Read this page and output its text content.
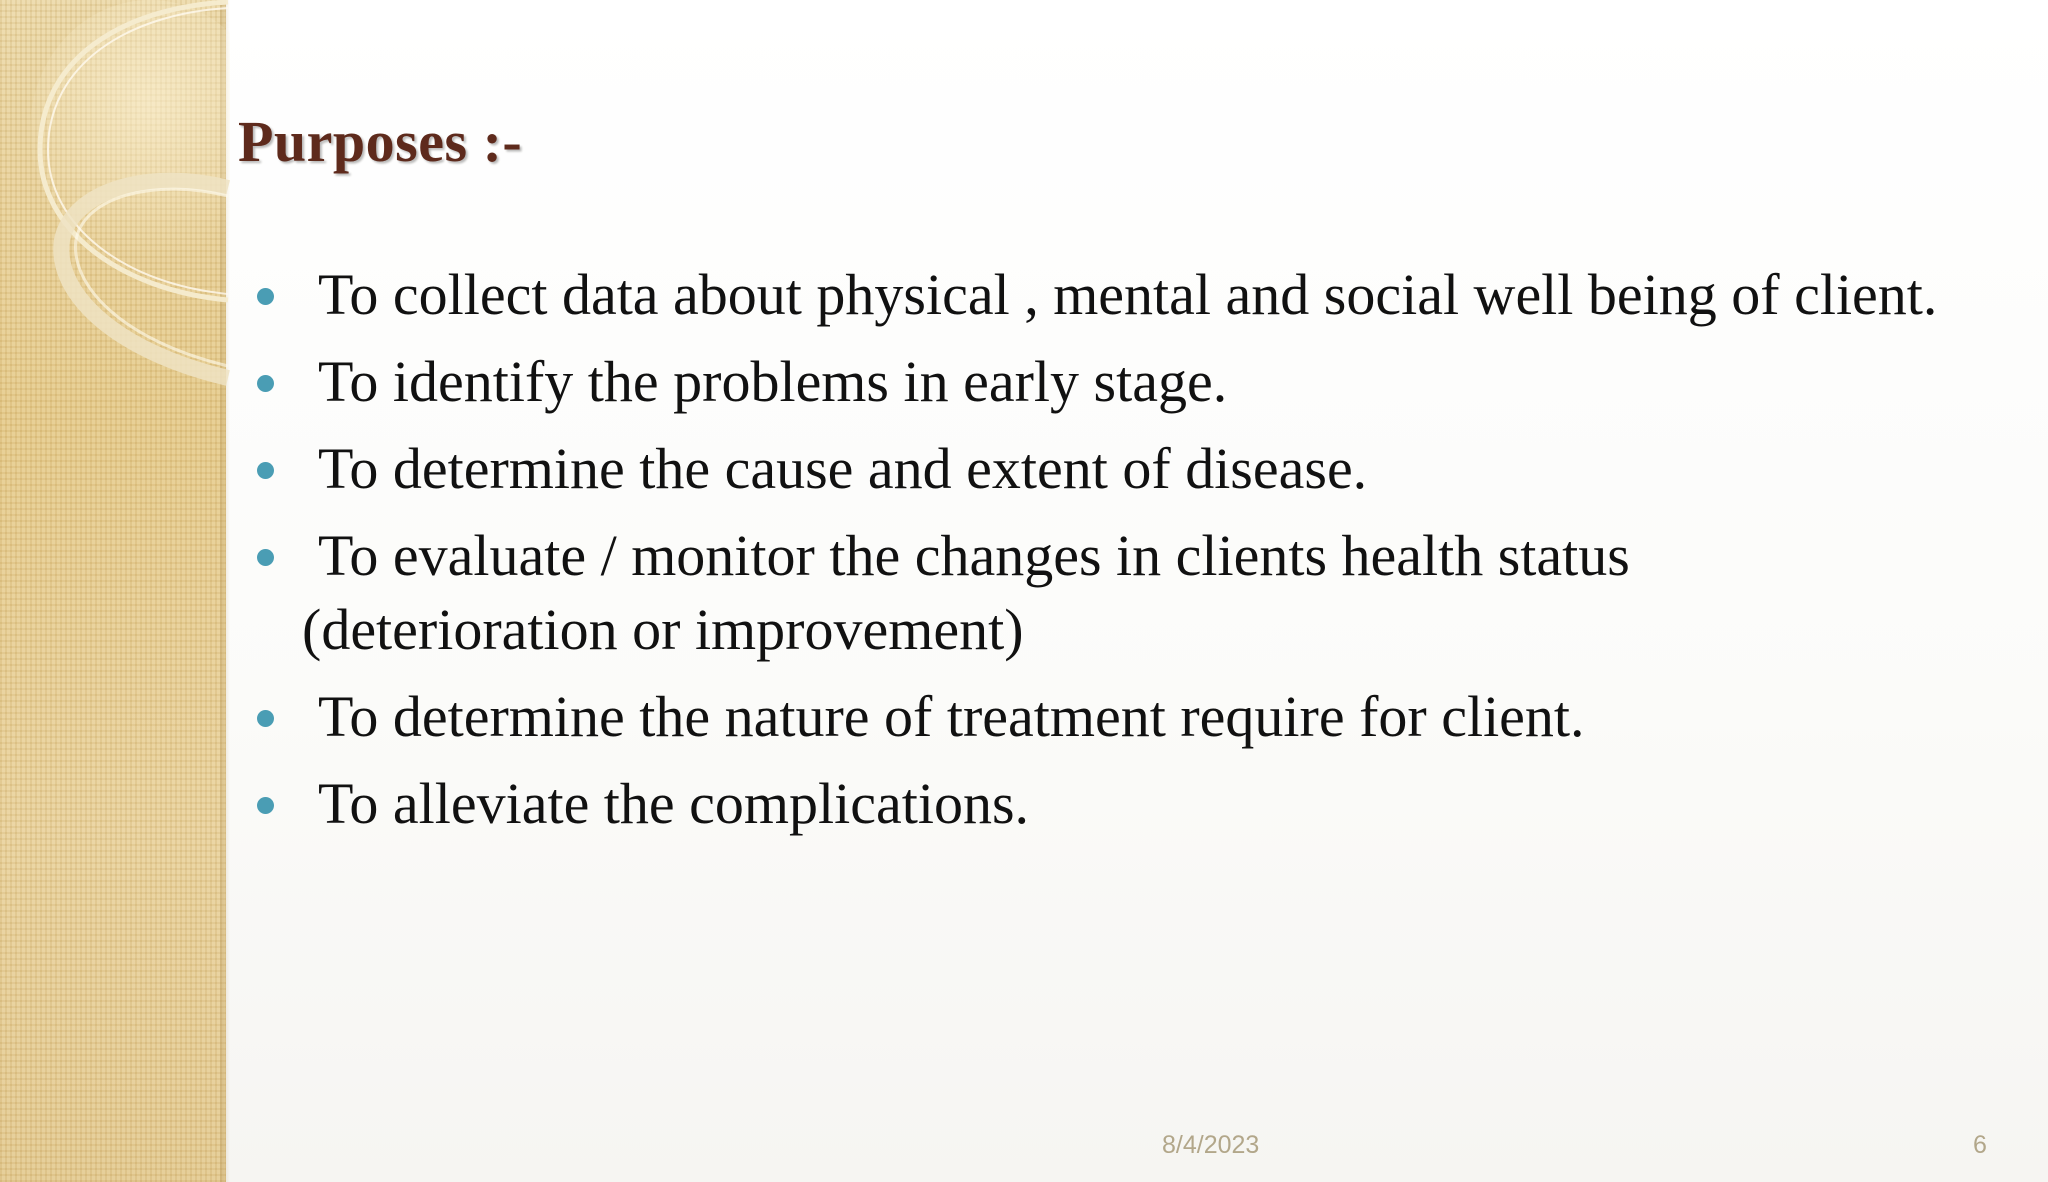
Purposes :-
To collect data about physical , mental and social well being of client.
To identify the problems in early stage.
To determine the cause and extent of disease.
To evaluate / monitor the changes in clients health status (deterioration or improvement)
To determine the nature of treatment require for client.
To alleviate the complications.
8/4/2023	6
